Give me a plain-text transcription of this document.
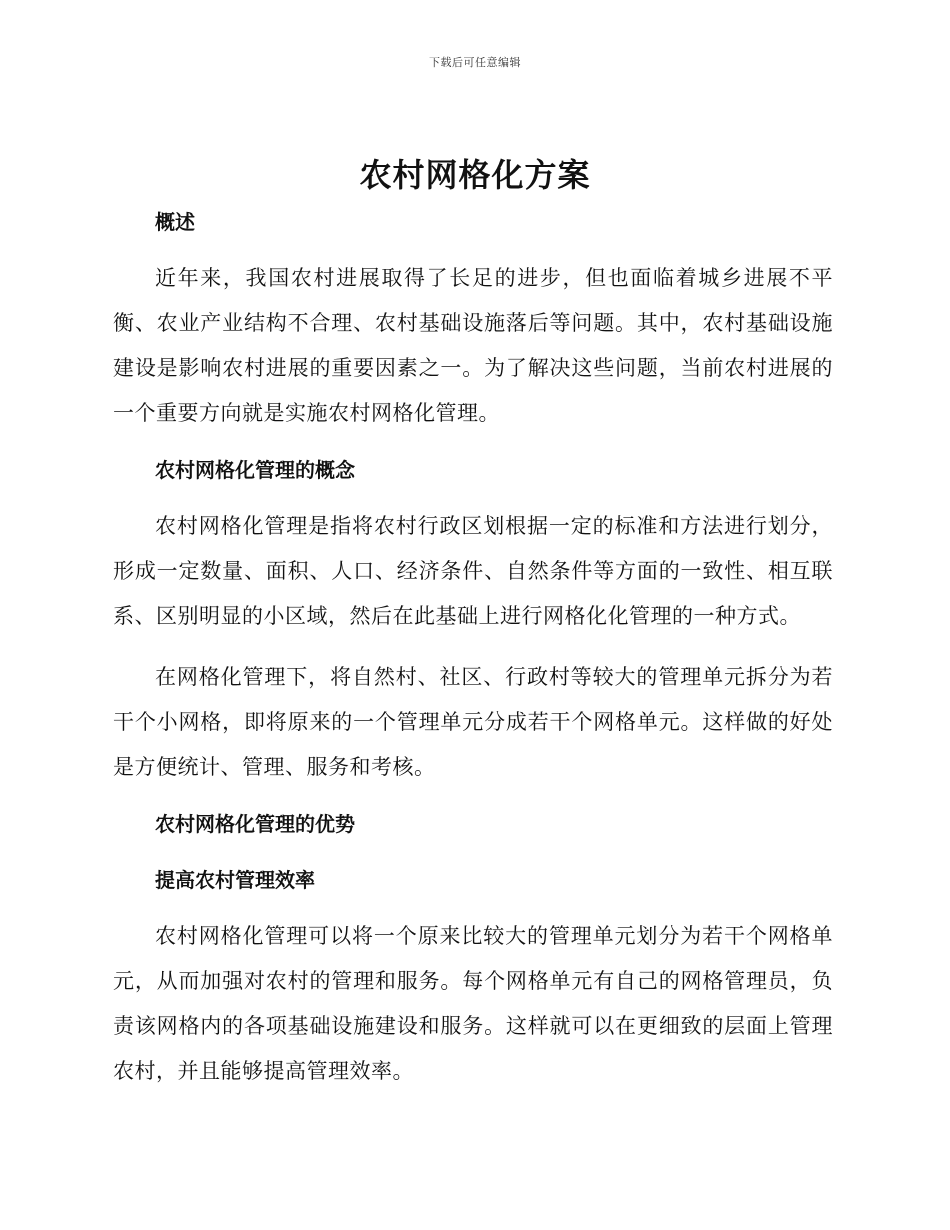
下载后可任意编辑
农村网格化方案
概述

近年来，我国农村进展取得了长足的进步，但也面临着城乡进展不平衡、农业产业结构不合理、农村基础设施落后等问题。其中，农村基础设施建设是影响农村进展的重要因素之一。为了解决这些问题，当前农村进展的一个重要方向就是实施农村网格化管理。

农村网格化管理的概念

农村网格化管理是指将农村行政区划根据一定的标准和方法进行划分，形成一定数量、面积、人口、经济条件、自然条件等方面的一致性、相互联系、区别明显的小区域，然后在此基础上进行网格化化管理的一种方式。

在网格化管理下，将自然村、社区、行政村等较大的管理单元拆分为若干个小网格，即将原来的一个管理单元分成若干个网格单元。这样做的好处是方便统计、管理、服务和考核。

农村网格化管理的优势
提高农村管理效率

农村网格化管理可以将一个原来比较大的管理单元划分为若干个网格单元，从而加强对农村的管理和服务。每个网格单元有自己的网格管理员，负责该网格内的各项基础设施建设和服务。这样就可以在更细致的层面上管理农村，并且能够提高管理效率。
